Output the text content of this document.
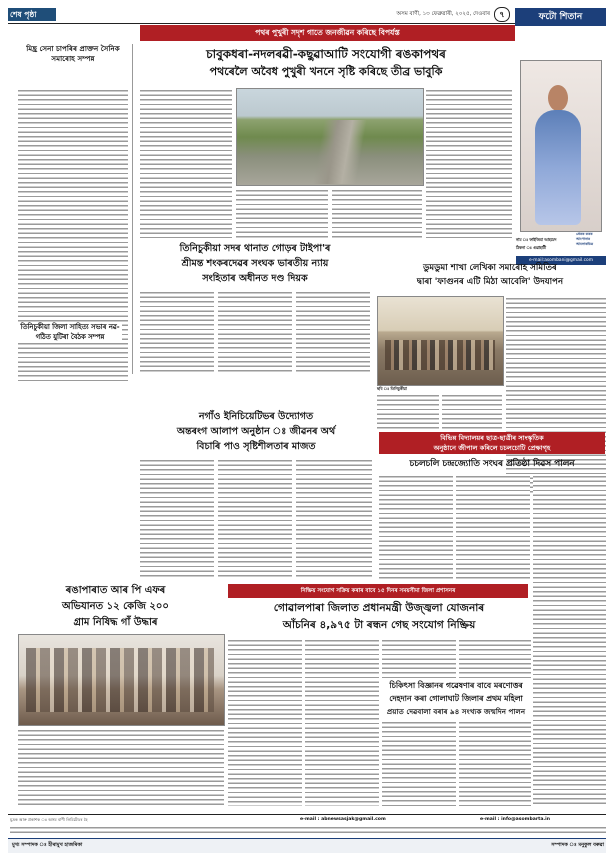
শেষ পৃষ্ঠা	অসম বাণী, ১৩ ফেব্ৰুৱাৰী, ২০২৫, দেওবাৰ	৭	ফটো শিতান
নাম ঃ ফাইজিমা আহমেদ
ঠিকনা ঃ গুৱাহাটী
প্ৰেৰক কৰক আপোনাৰ আলোকচিত্ৰ
e-mail:asombani@gmail.com
পথৰ পুখুৰী সদৃশ গাতে জনজীৱন কৰিছে বিপৰ্যস্ত
মিছ্ৰ সেনা চাপৰিৰ প্ৰাক্তন সৈনিক সমাৰোহ সম্পন্ন
তিনিচুকীয়া জিলা সাহিত্য সভাৰ নৱ-গঠিত যুটিৰা বৈঠক সম্পন্ন
চাবুকধৰা-নদলৰৱী-কছুৱাআটি সংযোগী ৰঙকাপথৰ
পথৰেলৈ অবৈধ পুখুৰী খননে সৃষ্টি কৰিছে তীব্ৰ ভাবুকি
তিনিচুকীয়া সদৰ থানাত গোড়ৰ টাইপা'ৰ
শ্ৰীমন্ত শংকৰদেৱৰ সংঘক ভাৰতীয় ন্যায়
সংহিতাৰ অধীনত দণ্ড দিয়ক
ডুমডুমা শাখা লেখিকা সমাৰোহ সমিতিৰ
দ্বাৰা 'ফাগুনৰ এটি মিঠা আবেলি' উদযাপন
ছবি ঃ তিনিচুকীয়া
নগাঁও ইনিচিয়েটিভৰ উদ্যোগত
অন্তৰংগ আলাপ অনুষ্ঠান ঃ জীৱনৰ অৰ্থ
বিচাৰি পাও সৃষ্টিশীলতাৰ মাজত
বিভিন্ন বিদ্যালয়ৰ ছাত্ৰ-ছাত্ৰীৰ সাংস্কৃতিক
অনুষ্ঠানে জীপাল কৰিলে চচলচোটি প্ৰেক্ষাগৃহ
চচলচলি চন্দ্ৰজ্যোতি সংঘৰ প্ৰতিষ্ঠা দিৱস পালন
ৰঙাপাৰাত আৰ পি এফৰ
অভিযানত ১২ কেজি ২০০
গ্ৰাম নিষিদ্ধ গাঁ উদ্ধাৰ
নিষ্ক্ৰিয় সংযোগ সক্ৰিয় কৰাৰ বাবে ১৫ দিনৰ সময়সীমা জিলা প্ৰশাসনৰ
গোৱালপাৰা জিলাত প্ৰধানমন্ত্ৰী উজ্জ্বলা যোজনাৰ
আঁচনিৰ ৪,৯৭৫ টা ৰন্ধন গেছ সংযোগ নিষ্ক্ৰিয়
চিকিৎসা বিজ্ঞানৰ গৱেষণাৰ বাবে মৰণোত্তৰ
দেহদান কৰা গোলাঘাট জিলাৰ প্ৰথম মহিলা
প্ৰয়াত দেৱবালা বৰাৰ ৯৪ সংখ্যক জন্মদিন পালন
মুদ্ৰক আৰু প্ৰকাশক ঃ অসম বাণী লিমিটেডৰ হৈ	e-mail : abnewsasjak@gmail.com	e-mail : info@asombarta.in
মুখ্য সম্পাদক ঃ হীৰামুখ হাজৰিকা	সম্পাদক ঃ মনুকুল বৰুৱা
